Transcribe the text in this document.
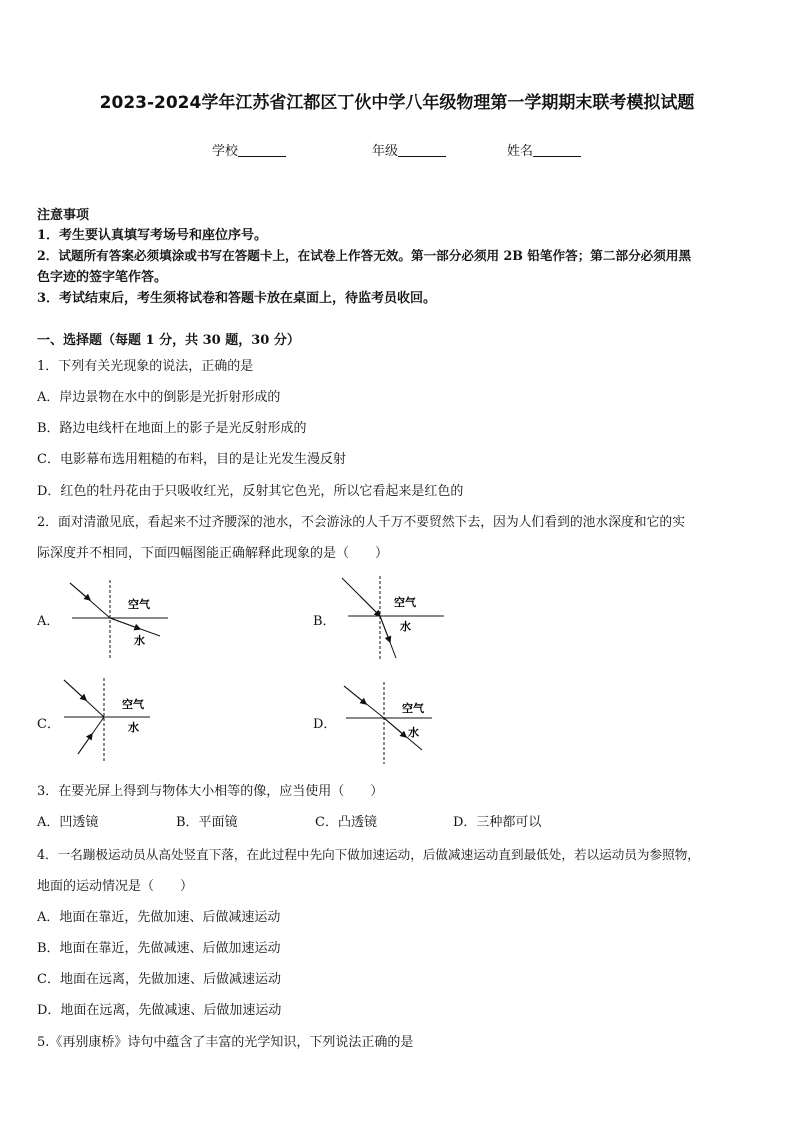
2023-2024学年江苏省江都区丁伙中学八年级物理第一学期期末联考模拟试题
学校	年级	姓名
注意事项
1．考生要认真填写考场号和座位序号。
2．试题所有答案必须填涂或书写在答题卡上，在试卷上作答无效。第一部分必须用 2B 铅笔作答；第二部分必须用黑
色字迹的签字笔作答。
3．考试结束后，考生须将试卷和答题卡放在桌面上，待监考员收回。
一、选择题（每题 1 分，共 30 题，30 分）
1．下列有关光现象的说法，正确的是
A．岸边景物在水中的倒影是光折射形成的
B．路边电线杆在地面上的影子是光反射形成的
C．电影幕布选用粗糙的布料，目的是让光发生漫反射
D．红色的牡丹花由于只吸收红光，反射其它色光，所以它看起来是红色的
2．面对清澈见底，看起来不过齐腰深的池水，不会游泳的人千万不要贸然下去，因为人们看到的池水深度和它的实
际深度并不相同，下面四幅图能正确解释此现象的是（　　）
A．
空气
水
B．
空气
水
C．
空气
水	D．
空气
水
3．在要光屏上得到与物体大小相等的像，应当使用（　　）
A．凹透镜	B．平面镜	C．凸透镜	D．三种都可以
4．一名蹦极运动员从高处竖直下落，在此过程中先向下做加速运动，后做减速运动直到最低处，若以运动员为参照物，
地面的运动情况是（　　）
A．地面在靠近，先做加速、后做减速运动
B．地面在靠近，先做减速、后做加速运动
C．地面在远离，先做加速、后做减速运动
D．地面在远离，先做减速、后做加速运动
5.《再别康桥》诗句中蕴含了丰富的光学知识，下列说法正确的是
